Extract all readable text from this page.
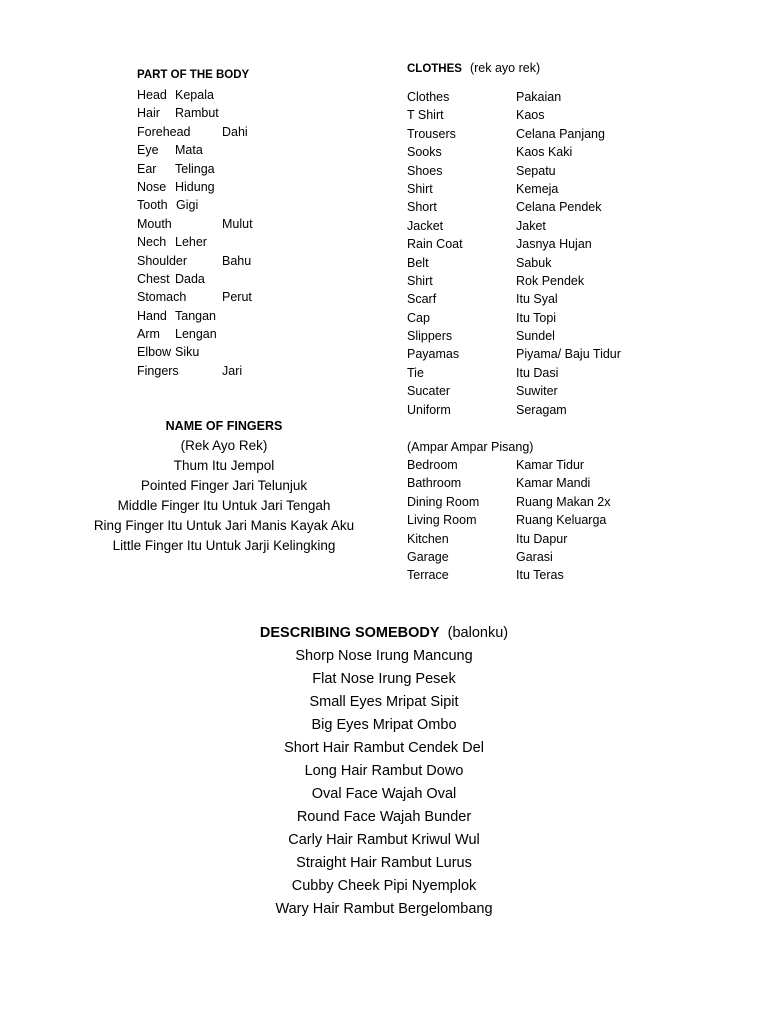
PART OF THE BODY
Head Kepala
Hair Rambut
Forehead	Dahi
Eye Mata
Ear Telinga
Nose Hidung
Tooth Gigi
Mouth	Mulut
Nech Leher
Shoulder	Bahu
Chest Dada
Stomach	Perut
Hand Tangan
Arm Lengan
Elbow Siku
Fingers	Jari
CLOTHES (rek ayo rek)
Clothes	Pakaian
T Shirt	Kaos
Trousers	Celana Panjang
Sooks	Kaos Kaki
Shoes	Sepatu
Shirt	Kemeja
Short	Celana Pendek
Jacket	Jaket
Rain Coat	Jasnya Hujan
Belt	Sabuk
Shirt	Rok Pendek
Scarf	Itu Syal
Cap	Itu Topi
Slippers	Sundel
Payamas	Piyama/ Baju Tidur
Tie	Itu Dasi
Sucater	Suwiter
Uniform	Seragam
(Ampar Ampar Pisang)
Bedroom	Kamar Tidur
Bathroom	Kamar Mandi
Dining Room	Ruang Makan 2x
Living Room	Ruang Keluarga
Kitchen	Itu Dapur
Garage	Garasi
Terrace	Itu Teras
NAME OF FINGERS
(Rek Ayo Rek)
Thum Itu Jempol
Pointed Finger Jari Telunjuk
Middle Finger Itu Untuk Jari Tengah
Ring Finger Itu Untuk Jari Manis Kayak Aku
Little Finger Itu Untuk Jarji Kelingking
DESCRIBING SOMEBODY (balonku)
Shorp Nose Irung Mancung
Flat Nose Irung Pesek
Small Eyes Mripat Sipit
Big Eyes Mripat Ombo
Short Hair Rambut Cendek Del
Long Hair Rambut Dowo
Oval Face Wajah Oval
Round Face Wajah Bunder
Carly Hair Rambut Kriwul Wul
Straight Hair Rambut Lurus
Cubby Cheek Pipi Nyemplok
Wary Hair Rambut Bergelombang
